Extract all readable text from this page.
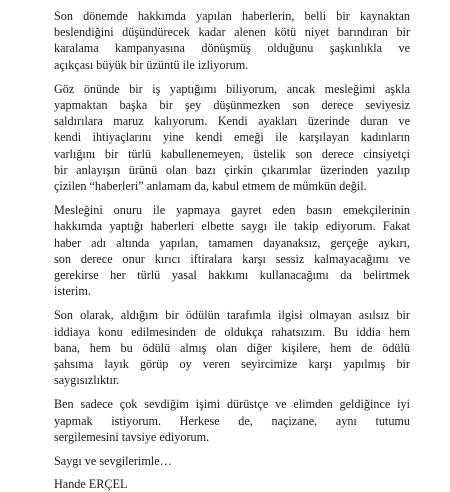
Son dönemde hakkımda yapılan haberlerin, belli bir kaynaktan
beslendiğini düşündürecek kadar alenen kötü niyet barındıran bir
karalama kampanyasına dönüşmüş olduğunu şaşkınlıkla ve
açıkçası büyük bir üzüntü ile izliyorum.

Göz önünde bir iş yaptığımı biliyorum, ancak mesleğimi aşkla
yapmaktan başka bir şey düşünmezken son derece seviyesiz
saldırılara maruz kalıyorum. Kendi ayakları üzerinde duran ve
kendi ihtiyaçlarını yine kendi emeği ile karşılayan kadınların
varlığını bir türlü kabullenemeyen, üstelik son derece cinsiyetçi
bir anlayışın ürünü olan bazı çirkin çıkarımlar üzerinden yazılıp
çizilen “haberleri” anlamam da, kabul etmem de mümkün değil.

Mesleğini onuru ile yapmaya gayret eden basın emekçilerinin
hakkımda yaptığı haberleri elbette saygı ile takip ediyorum. Fakat
haber adı altında yapılan, tamamen dayanaksız, gerçeğe aykırı,
son derece onur kırıcı iftiralara karşı sessiz kalmayacağımı ve
gerekirse her türlü yasal hakkımı kullanacağımı da belirtmek
isterim.

Son olarak, aldığım bir ödülün tarafımla ilgisi olmayan asılsız bir
iddiaya konu edilmesinden de oldukça rahatsızım. Bu iddia hem
bana, hem bu ödülü almış olan diğer kişilere, hem de ödülü
şahsıma layık görüp oy veren seyircimize karşı yapılmış bir
saygısızlıktır.

Ben sadece çok sevdiğim işimi dürüstçe ve elimden geldiğince iyi
yapmak istiyorum. Herkese de, naçizane, aynı tutumu
sergilemesini tavsiye ediyorum.

Saygı ve sevgilerimle…

Hande ERÇEL
